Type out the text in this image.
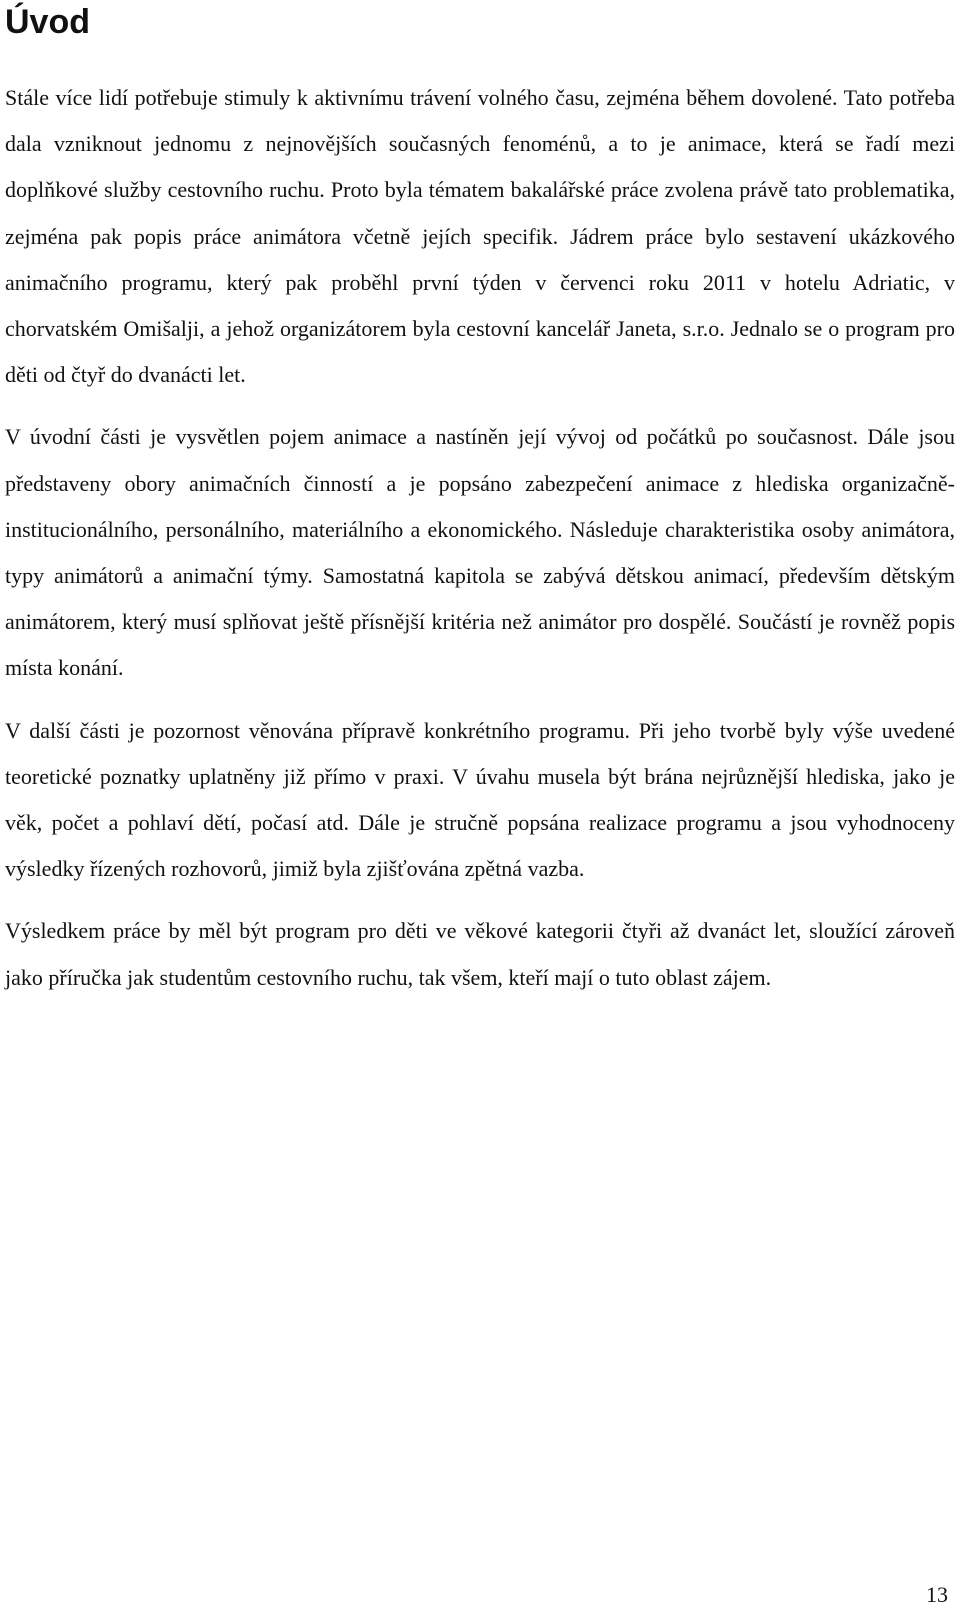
Úvod

Stále více lidí potřebuje stimuly k aktivnímu trávení volného času, zejména během dovolené. Tato potřeba dala vzniknout jednomu z nejnovějších současných fenoménů, a to je animace, která se řadí mezi doplňkové služby cestovního ruchu. Proto byla tématem bakalářské práce zvolena právě tato problematika, zejména pak popis práce animátora včetně jejích specifik. Jádrem práce bylo sestavení ukázkového animačního programu, který pak proběhl první týden v červenci roku 2011 v hotelu Adriatic, v chorvatském Omišalji, a jehož organizátorem byla cestovní kancelář Janeta, s.r.o. Jednalo se o program pro děti od čtyř do dvanácti let.

V úvodní části je vysvětlen pojem animace a nastíněn její vývoj od počátků po současnost. Dále jsou představeny obory animačních činností a je popsáno zabezpečení animace z hlediska organizačně-institucionálního, personálního, materiálního a ekonomického. Následuje charakteristika osoby animátora, typy animátorů a animační týmy. Samostatná kapitola se zabývá dětskou animací, především dětským animátorem, který musí splňovat ještě přísnější kritéria než animátor pro dospělé. Součástí je rovněž popis místa konání.

V další části je pozornost věnována přípravě konkrétního programu. Při jeho tvorbě byly výše uvedené teoretické poznatky uplatněny již přímo v praxi. V úvahu musela být brána nejrůznější hlediska, jako je věk, počet a pohlaví dětí, počasí atd. Dále je stručně popsána realizace programu a jsou vyhodnoceny výsledky řízených rozhovorů, jimiž byla zjišťována zpětná vazba.

Výsledkem práce by měl být program pro děti ve věkové kategorii čtyři až dvanáct let, sloužící zároveň jako příručka jak studentům cestovního ruchu, tak všem, kteří mají o tuto oblast zájem.

13
